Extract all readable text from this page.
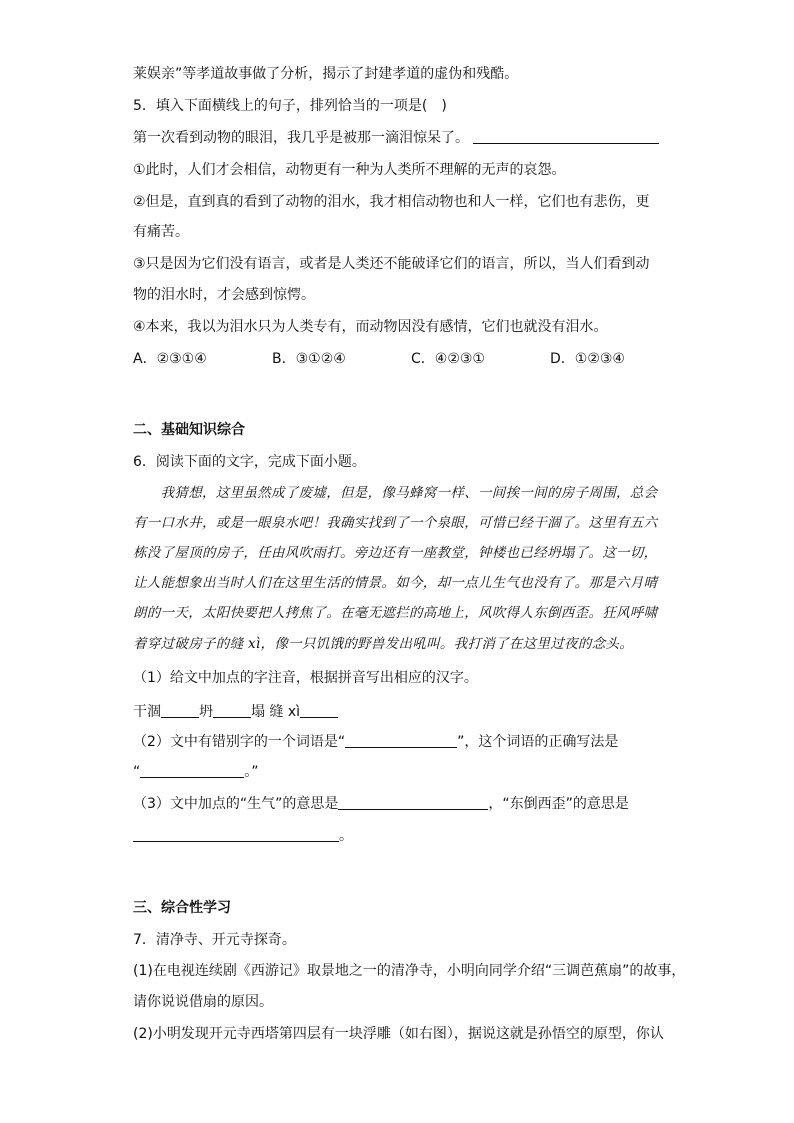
莱娱亲”等孝道故事做了分析，揭示了封建孝道的虚伪和残酷。
5．填入下面横线上的句子，排列恰当的一项是(　)
第一次看到动物的眼泪，我几乎是被那一滴泪惊呆了。
①此时，人们才会相信，动物更有一种为人类所不理解的无声的哀怨。
②但是，直到真的看到了动物的泪水，我才相信动物也和人一样，它们也有悲伤，更
有痛苦。
③只是因为它们没有语言，或者是人类还不能破译它们的语言，所以，当人们看到动
物的泪水时，才会感到惊愕。
④本来，我以为泪水只为人类专有，而动物因没有感情，它们也就没有泪水。
A．②③①④	B．③①②④	C．④②③①	D．①②③④
二、基础知识综合
6．阅读下面的文字，完成下面小题。
　　我猜想，这里虽然成了废墟，但是，像马蜂窝一样、一间挨一间的房子周围，总会
有一口水井，或是一眼泉水吧！我确实找到了一个泉眼，可惜已经干涸了。这里有五六
栋没了屋顶的房子，任由风吹雨打。旁边还有一座教堂，钟楼也已经坍塌了。这一切，
让人能想象出当时人们在这里生活的情景。如今，却一点儿生气也没有了。那是六月晴
朗的一天，太阳快要把人拷焦了。在毫无遮拦的高地上，风吹得人东倒西歪。狂风呼啸
着穿过破房子的缝 xì，像一只饥饿的野兽发出吼叫。我打消了在这里过夜的念头。
（1）给文中加点的字注音，根据拼音写出相应的汉字。
干涸	坍	塌 缝 xì
（2）文中有错别字的一个词语是“	”，这个词语的正确写法是
“	。”
（3）文中加点的“生气”的意思是	，“东倒西歪”的意思是
。
三、综合性学习
7．清净寺、开元寺探奇。
(1)在电视连续剧《西游记》取景地之一的清净寺，小明向同学介绍“三调芭蕉扇”的故事，
请你说说借扇的原因。
(2)小明发现开元寺西塔第四层有一块浮雕（如右图），据说这就是孙悟空的原型，你认
